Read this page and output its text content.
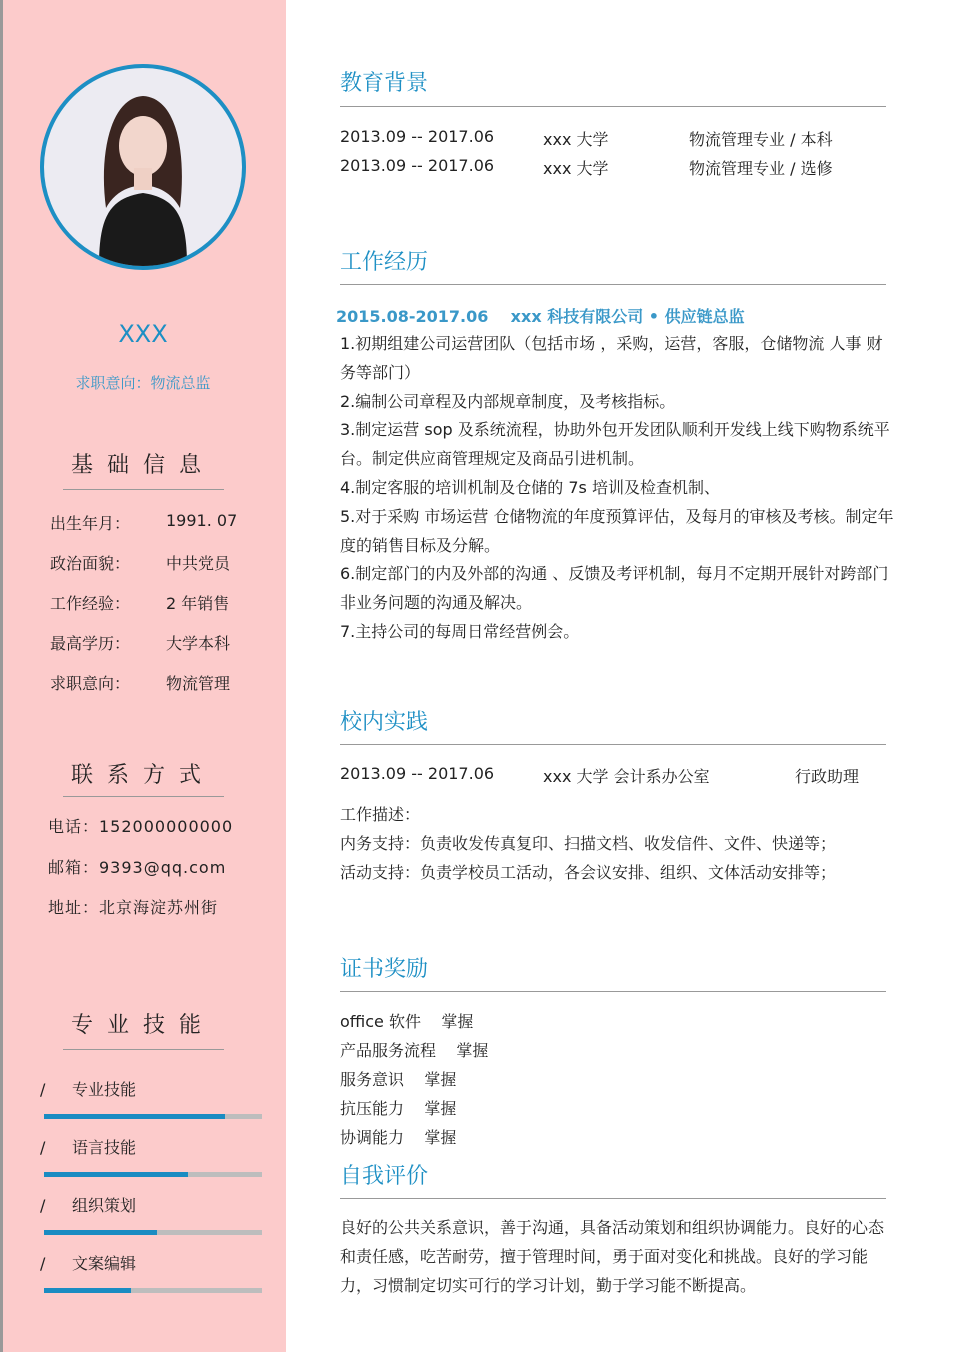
XXX
求职意向：物流总监
基础信息
出生年月： 1991. 07
政治面貌： 中共党员
工作经验： 2 年销售
最高学历： 大学本科
求职意向： 物流管理
联系方式
电话：152000000000
邮箱：9393@qq.com
地址：北京海淀苏州街
专业技能
/ 专业技能
/ 语言技能
/ 组织策划
/ 文案编辑
教育背景
2013.09 -- 2017.06	xxx 大学	物流管理专业 / 本科
2013.09 -- 2017.06	xxx 大学	物流管理专业 / 选修
工作经历
2015.08-2017.06    xxx 科技有限公司 • 供应链总监
1.初期组建公司运营团队（包括市场 ，采购，运营，客服，仓储物流 人事 财务等部门）
2.编制公司章程及内部规章制度，及考核指标。
3.制定运营 sop 及系统流程，协助外包开发团队顺利开发线上线下购物系统平台。制定供应商管理规定及商品引进机制。
4.制定客服的培训机制及仓储的 7s 培训及检查机制、
5.对于采购 市场运营 仓储物流的年度预算评估，及每月的审核及考核。制定年度的销售目标及分解。
6.制定部门的内及外部的沟通 、反馈及考评机制，每月不定期开展针对跨部门非业务问题的沟通及解决。
7.主持公司的每周日常经营例会。
校内实践
2013.09 -- 2017.06	xxx 大学 会计系办公室	行政助理
工作描述：
内务支持：负责收发传真复印、扫描文档、收发信件、文件、快递等；
活动支持：负责学校员工活动，各会议安排、组织、文体活动安排等；
证书奖励
office 软件    掌握
产品服务流程    掌握
服务意识    掌握
抗压能力    掌握
协调能力    掌握
自我评价
良好的公共关系意识，善于沟通，具备活动策划和组织协调能力。良好的心态和责任感，吃苦耐劳，擅于管理时间，勇于面对变化和挑战。良好的学习能力，习惯制定切实可行的学习计划，勤于学习能不断提高。
